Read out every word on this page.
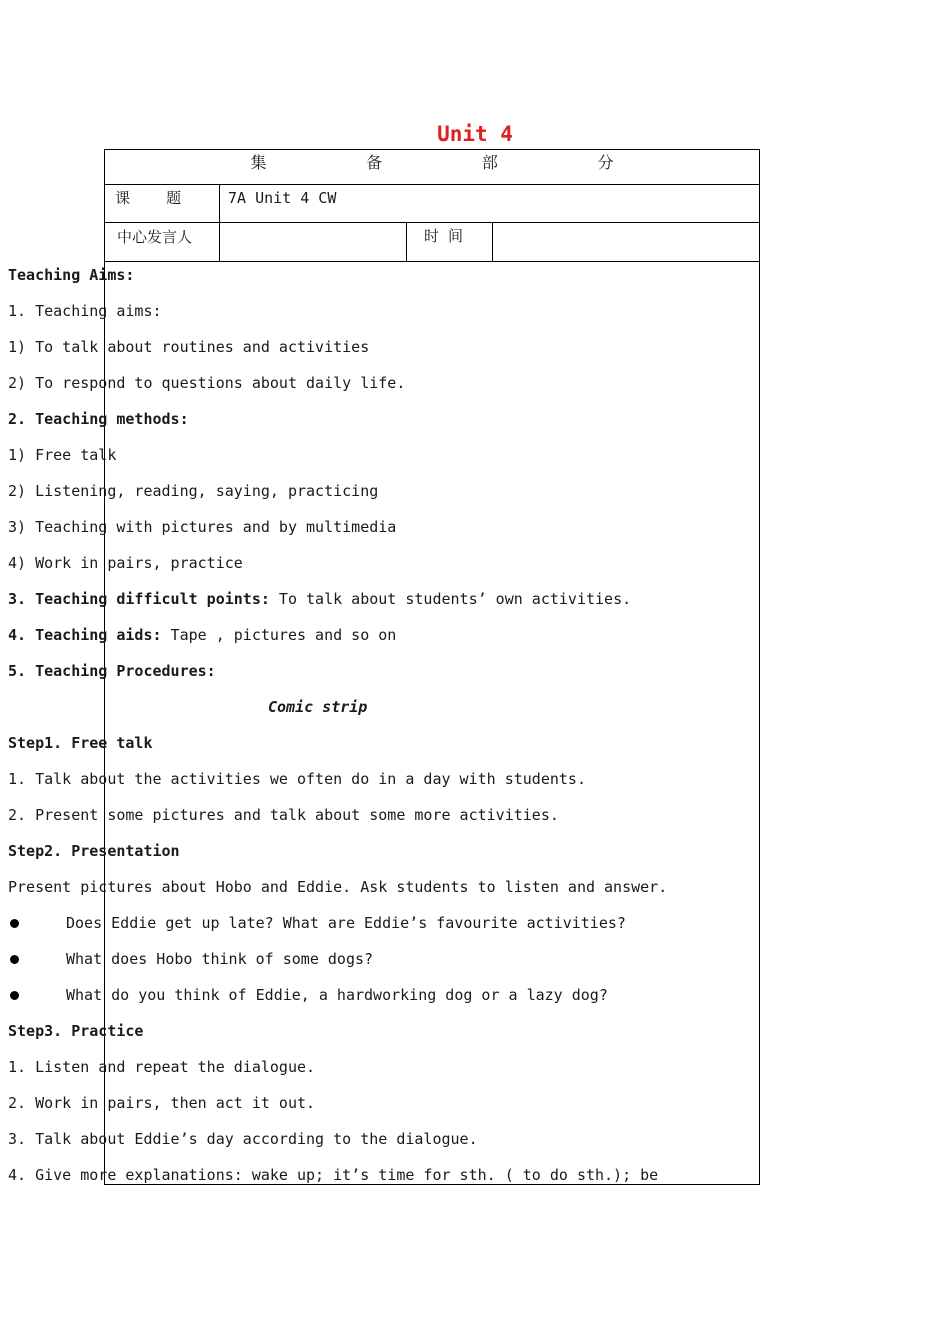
Unit 4
集 备 部 分
课    题	7A Unit 4 CW
中心发言人	时 间
Teaching Aims:
1. Teaching aims:
1) To talk about routines and activities
2) To respond to questions about daily life.
2. Teaching methods:
1) Free talk
2) Listening, reading, saying, practicing
3) Teaching with pictures and by multimedia
4) Work in pairs, practice
3. Teaching difficult points: To talk about students’ own activities.
4. Teaching aids: Tape , pictures and so on
5. Teaching Procedures:
Comic strip
Step1. Free talk
1. Talk about the activities we often do in a day with students.
2. Present some pictures and talk about some more activities.
Step2. Presentation
Present pictures about Hobo and Eddie. Ask students to listen and answer.
Does Eddie get up late? What are Eddie’s favourite activities?
What does Hobo think of some dogs?
What do you think of Eddie, a hardworking dog or a lazy dog?
Step3. Practice
1. Listen and repeat the dialogue.
2. Work in pairs, then act it out.
3. Talk about Eddie’s day according to the dialogue.
4. Give more explanations: wake up; it’s time for sth. ( to do sth.); be
